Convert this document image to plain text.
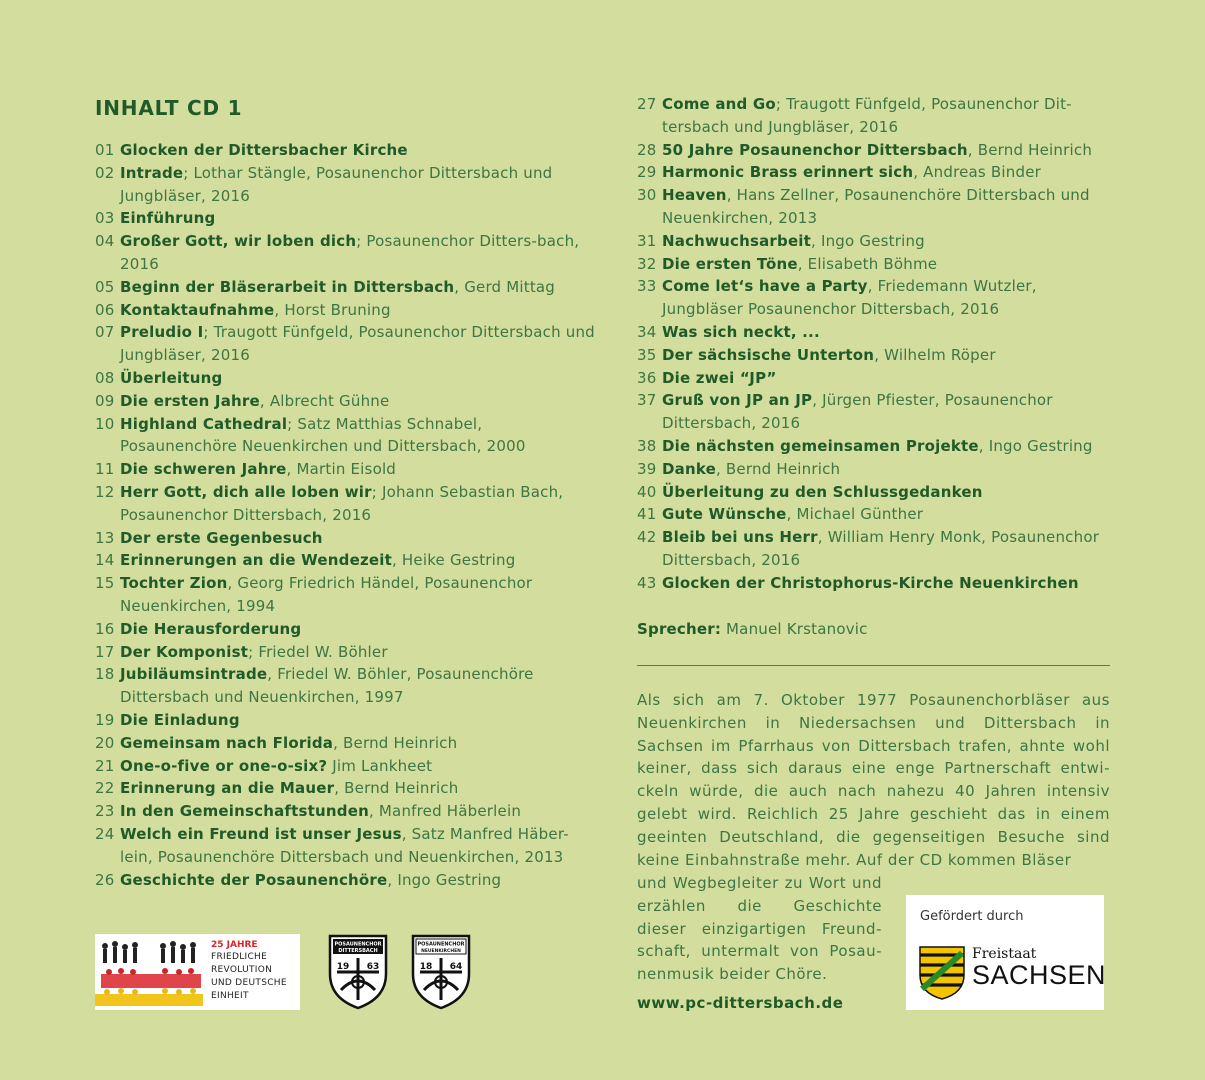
INHALT CD 1
01 Glocken der Dittersbacher Kirche
02 Intrade; Lothar Stängle, Posaunenchor Dittersbach und Jungbläser, 2016
03 Einführung
04 Großer Gott, wir loben dich; Posaunenchor Ditters-bach, 2016
05 Beginn der Bläserarbeit in Dittersbach, Gerd Mittag
06 Kontaktaufnahme, Horst Bruning
07 Preludio I; Traugott Fünfgeld, Posaunenchor Dittersbach und Jungbläser, 2016
08 Überleitung
09 Die ersten Jahre, Albrecht Gühne
10 Highland Cathedral; Satz Matthias Schnabel, Posaunenchöre Neuenkirchen und Dittersbach, 2000
11 Die schweren Jahre, Martin Eisold
12 Herr Gott, dich alle loben wir; Johann Sebastian Bach, Posaunenchor Dittersbach, 2016
13 Der erste Gegenbesuch
14 Erinnerungen an die Wendezeit, Heike Gestring
15 Tochter Zion, Georg Friedrich Händel, Posaunenchor Neuenkirchen, 1994
16 Die Herausforderung
17 Der Komponist; Friedel W. Böhler
18 Jubiläumsintrade, Friedel W. Böhler, Posaunenchöre Dittersbach und Neuenkirchen, 1997
19 Die Einladung
20 Gemeinsam nach Florida, Bernd Heinrich
21 One-o-five or one-o-six? Jim Lankheet
22 Erinnerung an die Mauer, Bernd Heinrich
23 In den Gemeinschaftstunden, Manfred Häberlein
24 Welch ein Freund ist unser Jesus, Satz Manfred Häber-lein, Posaunenchöre Dittersbach und Neuenkirchen, 2013
26 Geschichte der Posaunenchöre, Ingo Gestring
27 Come and Go; Traugott Fünfgeld, Posaunenchor Dit-tersbach und Jungbläser, 2016
28 50 Jahre Posaunenchor Dittersbach, Bernd Heinrich
29 Harmonic Brass erinnert sich, Andreas Binder
30 Heaven, Hans Zellner, Posaunenchöre Dittersbach und Neuenkirchen, 2013
31 Nachwuchsarbeit, Ingo Gestring
32 Die ersten Töne, Elisabeth Böhme
33 Come let‘s have a Party, Friedemann Wutzler, Jungbläser Posaunenchor Dittersbach, 2016
34 Was sich neckt, ...
35 Der sächsische Unterton, Wilhelm Röper
36 Die zwei “JP”
37 Gruß von JP an JP, Jürgen Pfiester, Posaunenchor Dittersbach, 2016
38 Die nächsten gemeinsamen Projekte, Ingo Gestring
39 Danke, Bernd Heinrich
40 Überleitung zu den Schlussgedanken
41 Gute Wünsche, Michael Günther
42 Bleib bei uns Herr, William Henry Monk, Posaunenchor Dittersbach, 2016
43 Glocken der Christophorus-Kirche Neuenkirchen
Sprecher: Manuel Krstanovic
Als sich am 7. Oktober 1977 Posaunenchorbläser aus Neuenkirchen in Niedersachsen und Dittersbach in Sachsen im Pfarrhaus von Dittersbach trafen, ahnte wohl keiner, dass sich daraus eine enge Partnerschaft entwi-ckeln würde, die auch nach nahezu 40 Jahren intensiv gelebt wird. Reichlich 25 Jahre geschieht das in einem geeinten Deutschland, die gegenseitigen Besuche sind keine Einbahnstraße mehr. Auf der CD kommen Bläser
und Wegbegleiter zu Wort und erzählen die Geschichte dieser einzigartigen Freund-schaft, untermalt von Posau-nenmusik beider Chöre.
www.pc-dittersbach.de
25 JAHRE
FRIEDLICHE
REVOLUTION
UND DEUTSCHE
EINHEIT
POSAUNENCHOR
DITTERSBACH
19 63
POSAUNENCHOR
NEUENKIRCHEN
18 64
Gefördert durch
Freistaat
SACHSEN
